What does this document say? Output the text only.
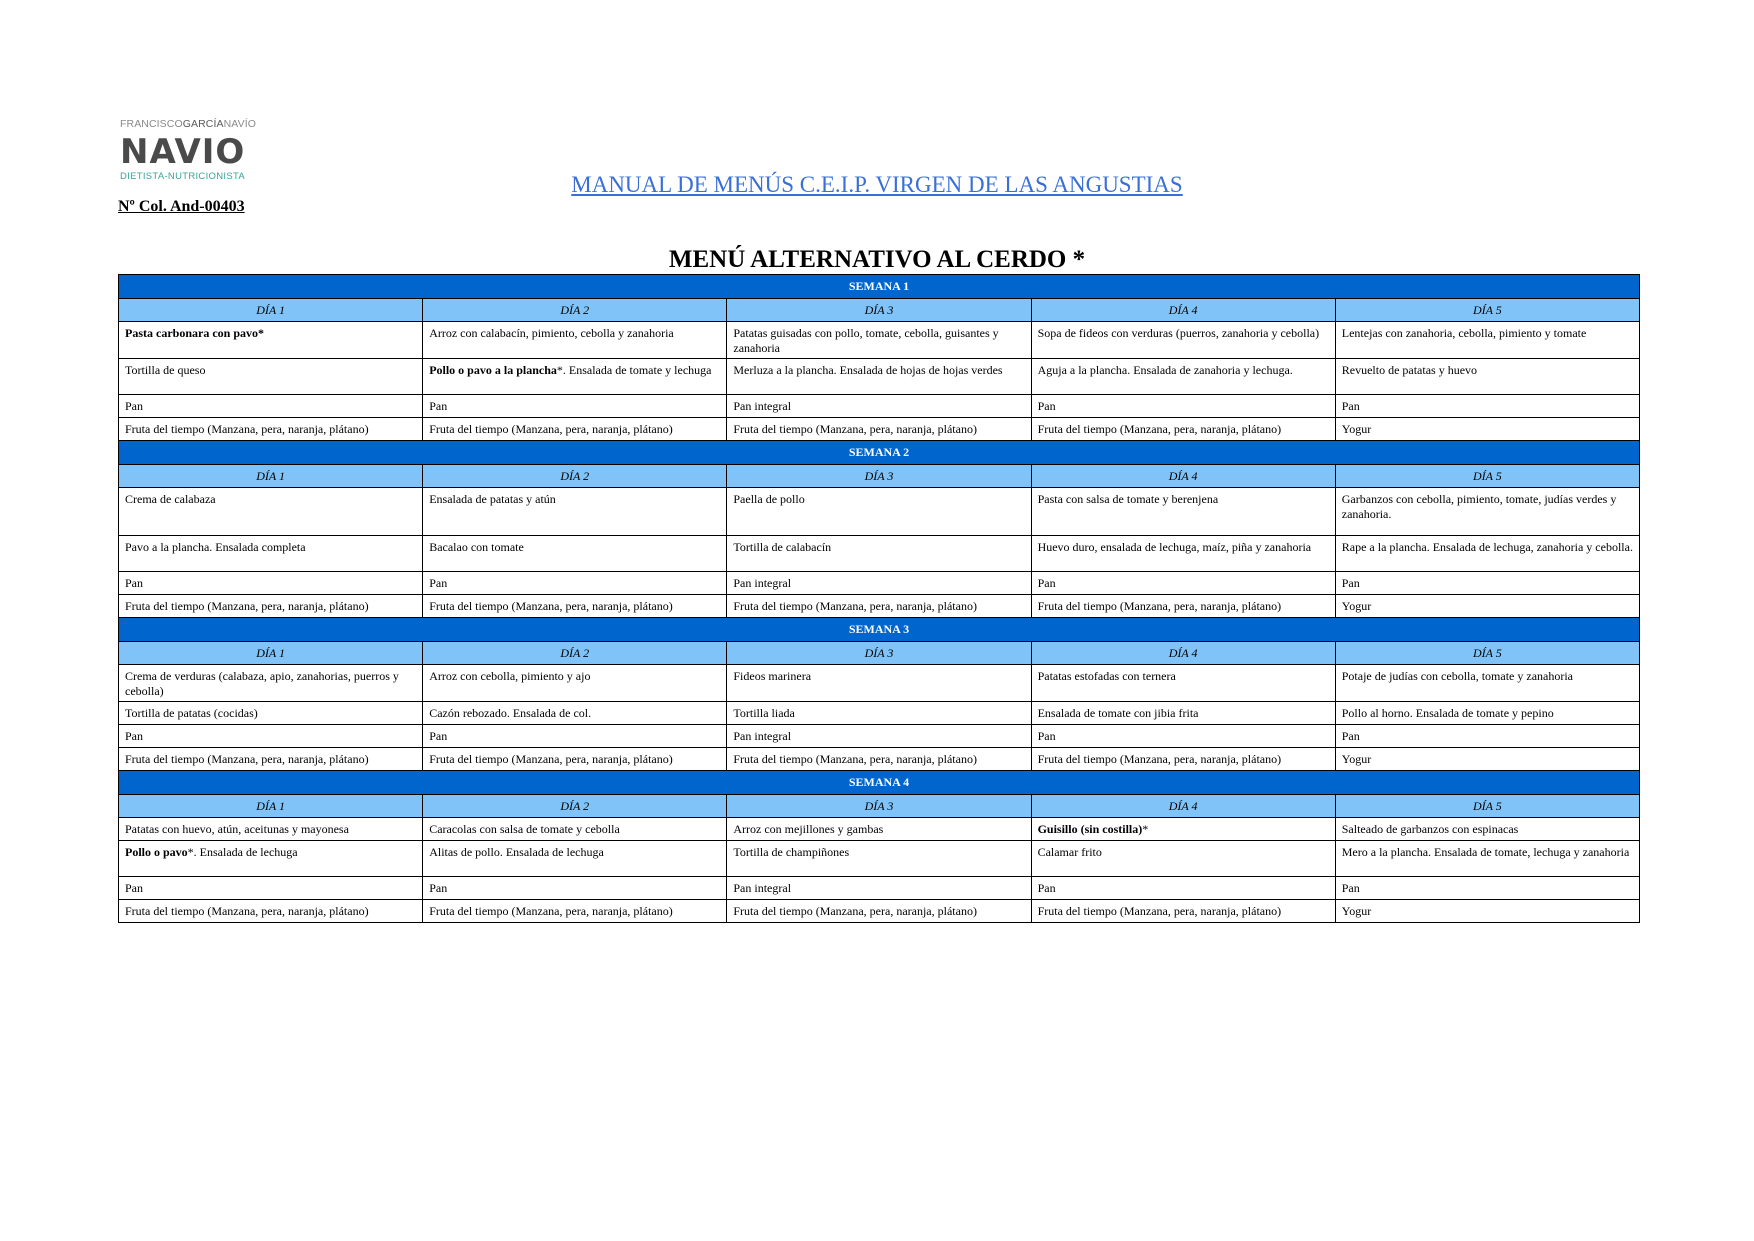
FRANCISCOGARCÍANAVÍO
NAVIO
DIETISTA-NUTRICIONISTA
Nº Col. And-00403
MANUAL DE MENÚS C.E.I.P. VIRGEN DE LAS ANGUSTIAS
MENÚ ALTERNATIVO AL CERDO *
SEMANA 1				
DÍA 1	DÍA 2	DÍA 3	DÍA 4	DÍA 5
Pasta carbonara con pavo*	Arroz con calabacín, pimiento, cebolla y zanahoria	Patatas guisadas con pollo, tomate, cebolla, guisantes y zanahoria	Sopa de fideos con verduras (puerros, zanahoria y cebolla)	Lentejas con zanahoria, cebolla, pimiento y tomate
Tortilla de queso	Pollo o pavo a la plancha*. Ensalada de tomate y lechuga	Merluza a la plancha. Ensalada de hojas de hojas verdes	Aguja a la plancha. Ensalada de zanahoria y lechuga.	Revuelto de patatas y huevo
Pan	Pan	Pan integral	Pan	Pan
Fruta del tiempo (Manzana, pera, naranja, plátano)	Fruta del tiempo (Manzana, pera, naranja, plátano)	Fruta del tiempo (Manzana, pera, naranja, plátano)	Fruta del tiempo (Manzana, pera, naranja, plátano)	Yogur
SEMANA 2				
DÍA 1	DÍA 2	DÍA 3	DÍA 4	DÍA 5
Crema de calabaza	Ensalada de patatas y atún	Paella de pollo	Pasta con salsa de tomate y berenjena	Garbanzos con cebolla, pimiento, tomate, judías verdes y zanahoria.
Pavo a la plancha. Ensalada completa	Bacalao con tomate	Tortilla de calabacín	Huevo duro, ensalada de lechuga, maíz, piña y zanahoria	Rape a la plancha. Ensalada de lechuga, zanahoria y cebolla.
Pan	Pan	Pan integral	Pan	Pan
Fruta del tiempo (Manzana, pera, naranja, plátano)	Fruta del tiempo (Manzana, pera, naranja, plátano)	Fruta del tiempo (Manzana, pera, naranja, plátano)	Fruta del tiempo (Manzana, pera, naranja, plátano)	Yogur
SEMANA 3				
DÍA 1	DÍA 2	DÍA 3	DÍA 4	DÍA 5
Crema de verduras (calabaza, apio, zanahorias, puerros y cebolla)	Arroz con cebolla, pimiento y ajo	Fideos marinera	Patatas estofadas con ternera	Potaje de judías con cebolla, tomate y zanahoria
Tortilla de patatas (cocidas)	Cazón rebozado. Ensalada de col.	Tortilla liada	Ensalada de tomate con jibia frita	Pollo al horno. Ensalada de tomate y pepino
Pan	Pan	Pan integral	Pan	Pan
Fruta del tiempo (Manzana, pera, naranja, plátano)	Fruta del tiempo (Manzana, pera, naranja, plátano)	Fruta del tiempo (Manzana, pera, naranja, plátano)	Fruta del tiempo (Manzana, pera, naranja, plátano)	Yogur
SEMANA 4				
DÍA 1	DÍA 2	DÍA 3	DÍA 4	DÍA 5
Patatas con huevo, atún, aceitunas y mayonesa	Caracolas con salsa de tomate y cebolla	Arroz con mejillones y gambas	Guisillo (sin costilla)*	Salteado de garbanzos con espinacas
Pollo o pavo*. Ensalada de lechuga	Alitas de pollo. Ensalada de lechuga	Tortilla de champiñones	Calamar frito	Mero a la plancha. Ensalada de tomate, lechuga y zanahoria
Pan	Pan	Pan integral	Pan	Pan
Fruta del tiempo (Manzana, pera, naranja, plátano)	Fruta del tiempo (Manzana, pera, naranja, plátano)	Fruta del tiempo (Manzana, pera, naranja, plátano)	Fruta del tiempo (Manzana, pera, naranja, plátano)	Yogur
